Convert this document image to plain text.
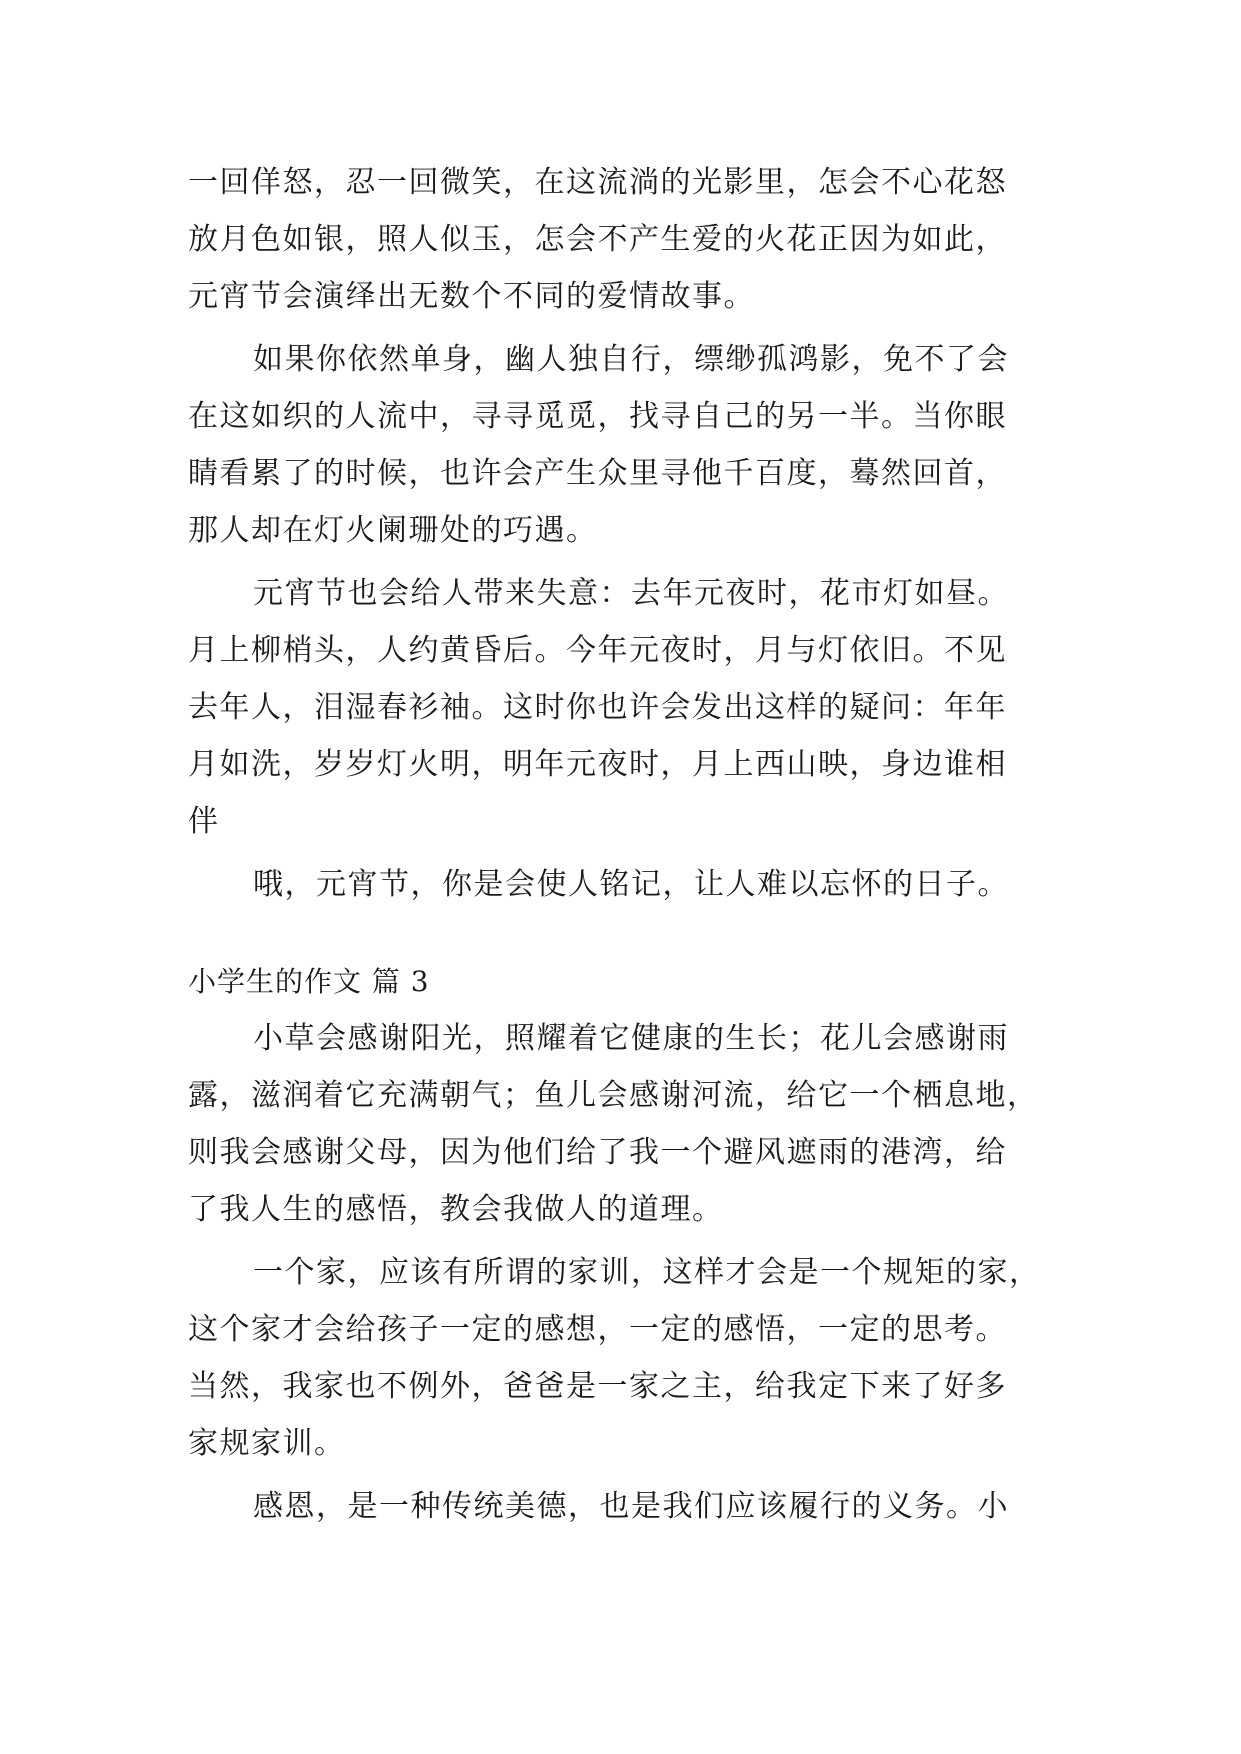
一回佯怒，忍一回微笑，在这流淌的光影里，怎会不心花怒
放月色如银，照人似玉，怎会不产生爱的火花正因为如此，
元宵节会演绎出无数个不同的爱情故事。
如果你依然单身，幽人独自行，缥缈孤鸿影，免不了会
在这如织的人流中，寻寻觅觅，找寻自己的另一半。当你眼
睛看累了的时候，也许会产生众里寻他千百度，蓦然回首，
那人却在灯火阑珊处的巧遇。
元宵节也会给人带来失意：去年元夜时，花市灯如昼。
月上柳梢头，人约黄昏后。今年元夜时，月与灯依旧。不见
去年人，泪湿春衫袖。这时你也许会发出这样的疑问：年年
月如洗，岁岁灯火明，明年元夜时，月上西山映，身边谁相
伴
哦，元宵节，你是会使人铭记，让人难以忘怀的日子。
小学生的作文 篇 3
小草会感谢阳光，照耀着它健康的生长；花儿会感谢雨
露，滋润着它充满朝气；鱼儿会感谢河流，给它一个栖息地，
则我会感谢父母，因为他们给了我一个避风遮雨的港湾，给
了我人生的感悟，教会我做人的道理。
一个家，应该有所谓的家训，这样才会是一个规矩的家，
这个家才会给孩子一定的感想，一定的感悟，一定的思考。
当然，我家也不例外，爸爸是一家之主，给我定下来了好多
家规家训。
感恩，是一种传统美德，也是我们应该履行的义务。小
